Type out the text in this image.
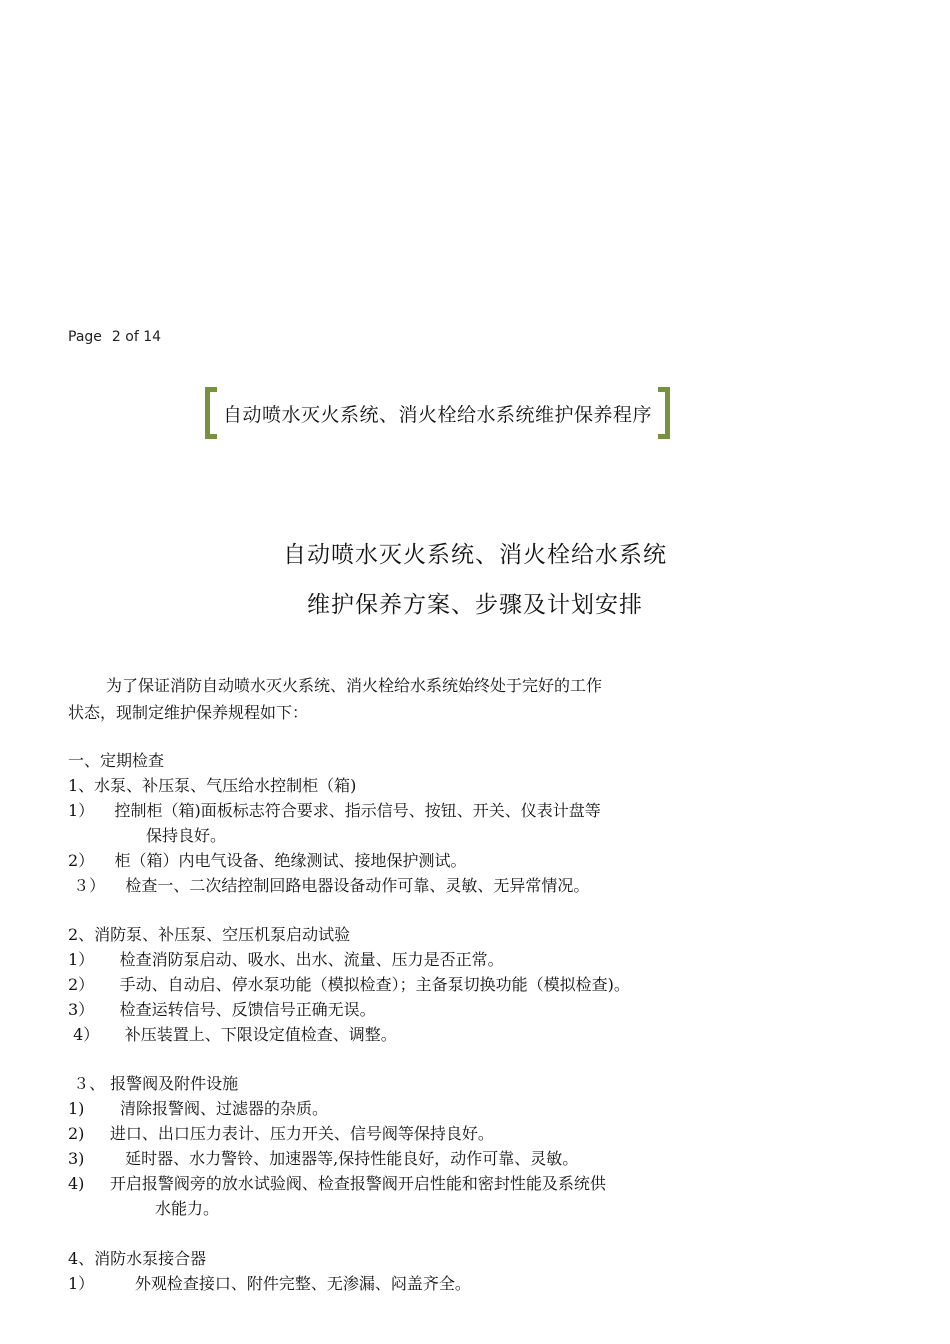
Page 2 of 14
自动喷水灭火系统、消火栓给水系统维护保养程序
自动喷水灭火系统、消火栓给水系统
维护保养方案、步骤及计划安排
为了保证消防自动喷水灭火系统、消火栓给水系统始终处于完好的工作
状态，现制定维护保养规程如下：
一、定期检查
1、水泵、补压泵、气压给水控制柜（箱)
1）    控制柜（箱)面板标志符合要求、指示信号、按钮、开关、仪表计盘等
保持良好。
2）    柜（箱）内电气设备、绝缘测试、接地保护测试。
３）    检查一、二次结控制回路电器设备动作可靠、灵敏、无异常情况。
2、消防泵、补压泵、空压机泵启动试验
1）     检查消防泵启动、吸水、出水、流量、压力是否正常。
2）     手动、自动启、停水泵功能（模拟检查）；主备泵切换功能（模拟检查)。
3）     检查运转信号、反馈信号正确无误。
4）     补压装置上、下限设定值检查、调整。
３、 报警阀及附件设施
1)       清除报警阀、过滤器的杂质。
2)     进口、出口压力表计、压力开关、信号阀等保持良好。
3)        延时器、水力警铃、加速器等,保持性能良好，动作可靠、灵敏。
4)     开启报警阀旁的放水试验阀、检查报警阀开启性能和密封性能及系统供
水能力。
4、消防水泵接合器
1）        外观检查接口、附件完整、无渗漏、闷盖齐全。
